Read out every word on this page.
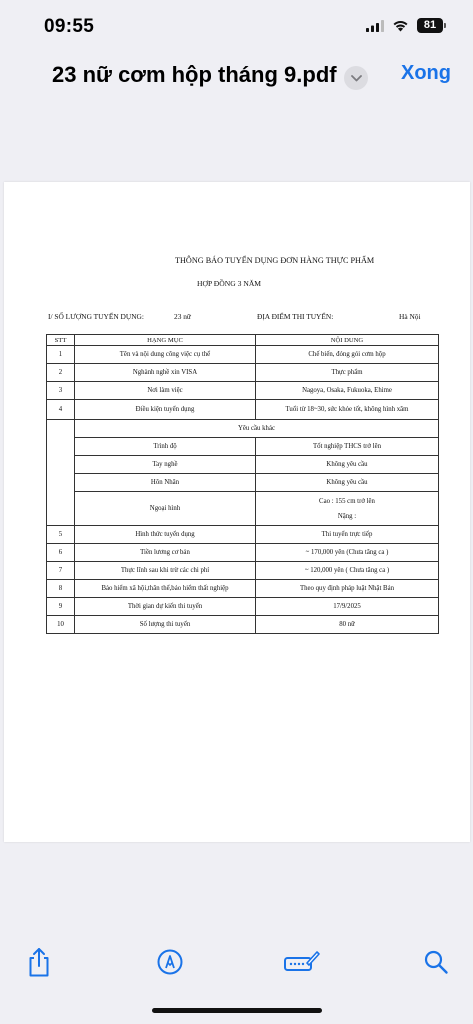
09:55	81
23 nữ cơm hộp tháng 9.pdf	Xong
THÔNG BÁO TUYỂN DỤNG ĐƠN HÀNG THỰC PHẨM
HỢP ĐỒNG 3 NĂM
I/ SỐ LƯỢNG TUYỂN DỤNG:	23 nữ	ĐỊA ĐIỂM THI TUYỂN:	Hà Nội
STT	HẠNG MỤC	NỘI DUNG
1	Tên và nội dung công việc cụ thể	Chế biến, đóng gói cơm hộp
2	Nghành nghề xin VISA	Thực phẩm
3	Nơi làm việc	Nagoya, Osaka, Fukuoka, Ehime
4	Điều kiện tuyển dụng	Tuổi từ 18~30, sức khỏe tốt, không hình xăm
	Yêu cầu khác	
	Trình độ	Tốt nghiệp THCS trở lên
	Tay nghề	Không yêu cầu
	Hôn Nhân	Không yêu cầu
	Ngoại hình	Cao : 155 cm trở lên
Nặng :

5	Hình thức tuyển dụng	Thi tuyển trực tiếp
6	Tiền lương cơ bản	~ 170,000 yên (Chưa tăng ca )
7	Thực lĩnh sau khi trừ các chi phí	~ 120,000 yên ( Chưa tăng ca )
8	Bảo hiểm xã hội,thân thể,bảo hiểm thất nghiệp	Theo quy định pháp luật Nhật Bản
9	Thời gian dự kiến thi tuyển	17/9/2025
10	Số lượng thi tuyển	80 nữ
